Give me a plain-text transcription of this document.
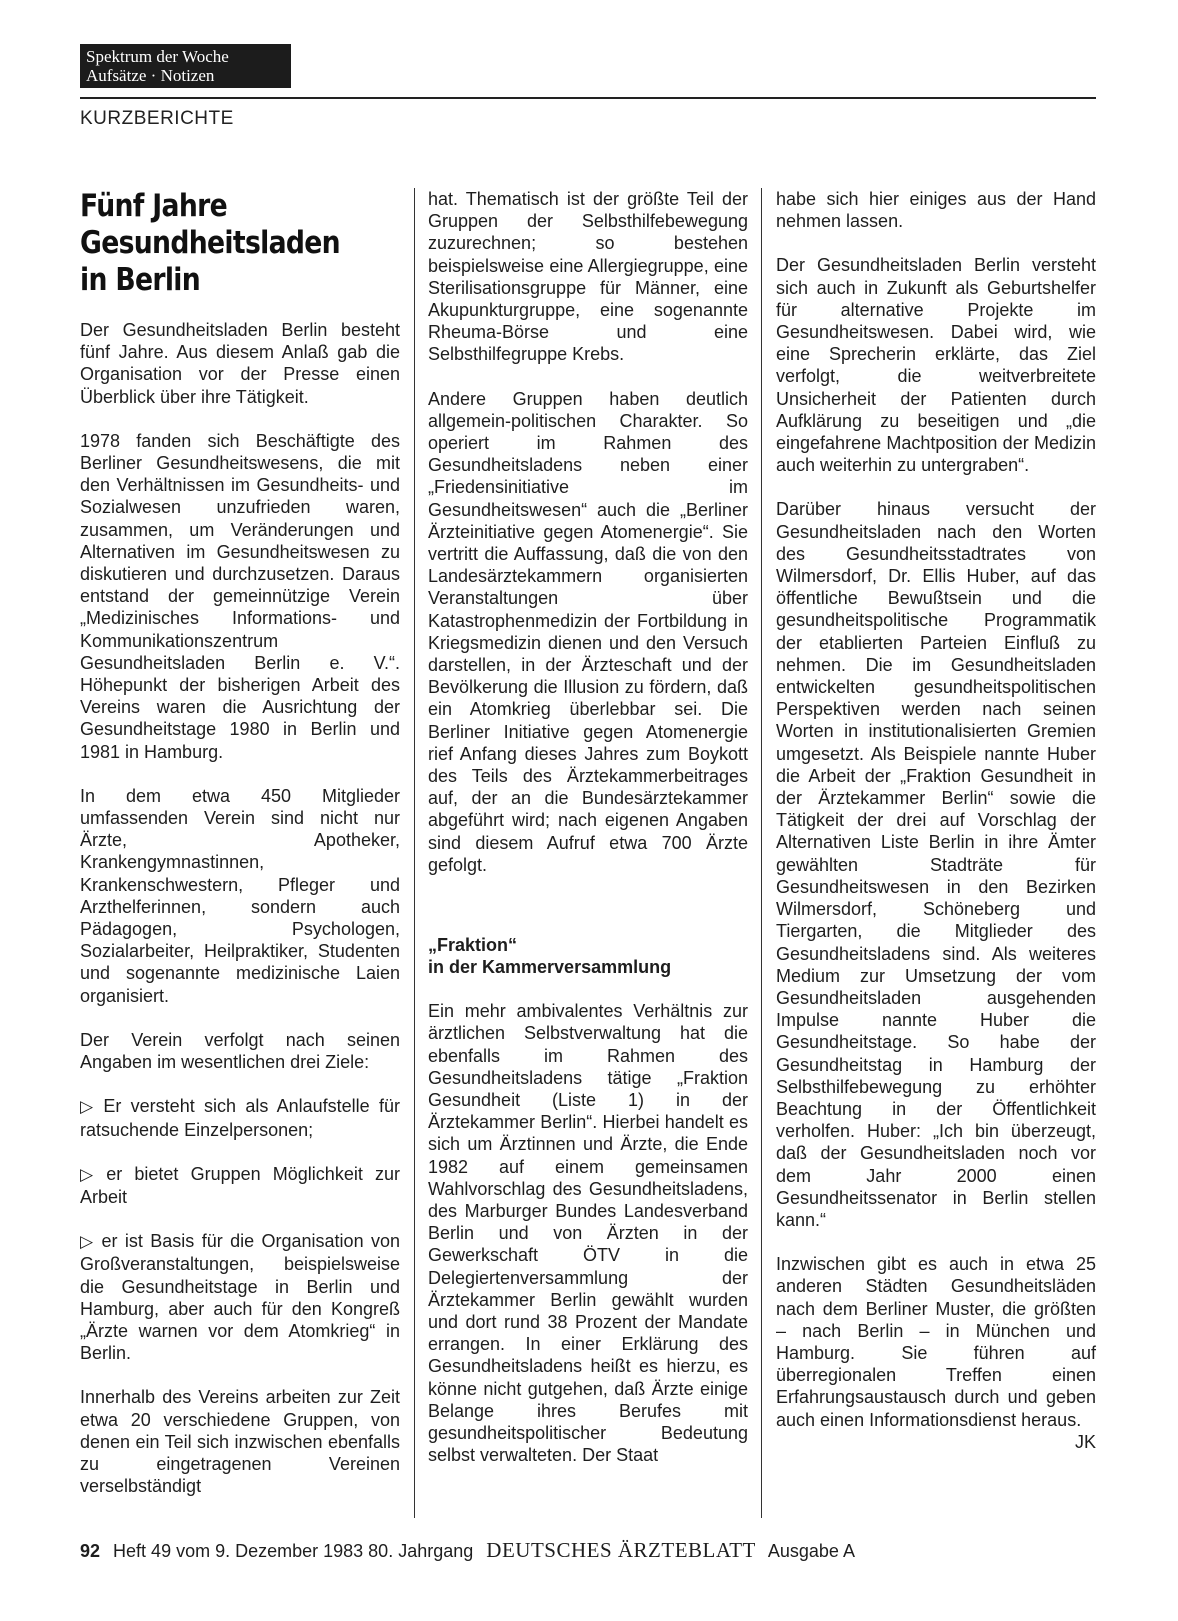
Spektrum der Woche
Aufsätze · Notizen
KURZBERICHTE
Fünf Jahre
Gesundheitsladen
in Berlin

Der Gesundheitsladen Berlin besteht fünf Jahre. Aus diesem Anlaß gab die Organisation vor der Presse einen Überblick über ihre Tätigkeit.

1978 fanden sich Beschäftigte des Berliner Gesundheitswesens, die mit den Verhältnissen im Gesundheits- und Sozialwesen unzufrieden waren, zusammen, um Veränderungen und Alternativen im Gesundheitswesen zu diskutieren und durchzusetzen. Daraus entstand der gemeinnützige Verein „Medizinisches Informations- und Kommunikationszentrum Gesundheitsladen Berlin e. V.“. Höhepunkt der bisherigen Arbeit des Vereins waren die Ausrichtung der Gesundheitstage 1980 in Berlin und 1981 in Hamburg.

In dem etwa 450 Mitglieder umfassenden Verein sind nicht nur Ärzte, Apotheker, Krankengymnastinnen, Krankenschwestern, Pfleger und Arzthelferinnen, sondern auch Pädagogen, Psychologen, Sozialarbeiter, Heilpraktiker, Studenten und sogenannte medizinische Laien organisiert.

Der Verein verfolgt nach seinen Angaben im wesentlichen drei Ziele:

▷ Er versteht sich als Anlaufstelle für ratsuchende Einzelpersonen;

▷ er bietet Gruppen Möglichkeit zur Arbeit

▷ er ist Basis für die Organisation von Großveranstaltungen, beispielsweise die Gesundheitstage in Berlin und Hamburg, aber auch für den Kongreß „Ärzte warnen vor dem Atomkrieg“ in Berlin.

Innerhalb des Vereins arbeiten zur Zeit etwa 20 verschiedene Gruppen, von denen ein Teil sich inzwischen ebenfalls zu eingetragenen Vereinen verselbständigt

hat. Thematisch ist der größte Teil der Gruppen der Selbsthilfebewegung zuzurechnen; so bestehen beispielsweise eine Allergiegruppe, eine Sterilisationsgruppe für Männer, eine Akupunkturgruppe, eine sogenannte Rheuma-Börse und eine Selbsthilfegruppe Krebs.

Andere Gruppen haben deutlich allgemein-politischen Charakter. So operiert im Rahmen des Gesundheitsladens neben einer „Friedensinitiative im Gesundheitswesen“ auch die „Berliner Ärzteinitiative gegen Atomenergie“. Sie vertritt die Auffassung, daß die von den Landesärztekammern organisierten Veranstaltungen über Katastrophenmedizin der Fortbildung in Kriegsmedizin dienen und den Versuch darstellen, in der Ärzteschaft und der Bevölkerung die Illusion zu fördern, daß ein Atomkrieg überlebbar sei. Die Berliner Initiative gegen Atomenergie rief Anfang dieses Jahres zum Boykott des Teils des Ärztekammerbeitrages auf, der an die Bundesärztekammer abgeführt wird; nach eigenen Angaben sind diesem Aufruf etwa 700 Ärzte gefolgt.

„Fraktion“
in der Kammerversammlung

Ein mehr ambivalentes Verhältnis zur ärztlichen Selbstverwaltung hat die ebenfalls im Rahmen des Gesundheitsladens tätige „Fraktion Gesundheit (Liste 1) in der Ärztekammer Berlin“. Hierbei handelt es sich um Ärztinnen und Ärzte, die Ende 1982 auf einem gemeinsamen Wahlvorschlag des Gesundheitsladens, des Marburger Bundes Landesverband Berlin und von Ärzten in der Gewerkschaft ÖTV in die Delegiertenversammlung der Ärztekammer Berlin gewählt wurden und dort rund 38 Prozent der Mandate errangen. In einer Erklärung des Gesundheitsladens heißt es hierzu, es könne nicht gutgehen, daß Ärzte einige Belange ihres Berufes mit gesundheitspolitischer Bedeutung selbst verwalteten. Der Staat

habe sich hier einiges aus der Hand nehmen lassen.

Der Gesundheitsladen Berlin versteht sich auch in Zukunft als Geburtshelfer für alternative Projekte im Gesundheitswesen. Dabei wird, wie eine Sprecherin erklärte, das Ziel verfolgt, die weitverbreitete Unsicherheit der Patienten durch Aufklärung zu beseitigen und „die eingefahrene Machtposition der Medizin auch weiterhin zu untergraben“.

Darüber hinaus versucht der Gesundheitsladen nach den Worten des Gesundheitsstadtrates von Wilmersdorf, Dr. Ellis Huber, auf das öffentliche Bewußtsein und die gesundheitspolitische Programmatik der etablierten Parteien Einfluß zu nehmen. Die im Gesundheitsladen entwickelten gesundheitspolitischen Perspektiven werden nach seinen Worten in institutionalisierten Gremien umgesetzt. Als Beispiele nannte Huber die Arbeit der „Fraktion Gesundheit in der Ärztekammer Berlin“ sowie die Tätigkeit der drei auf Vorschlag der Alternativen Liste Berlin in ihre Ämter gewählten Stadträte für Gesundheitswesen in den Bezirken Wilmersdorf, Schöneberg und Tiergarten, die Mitglieder des Gesundheitsladens sind. Als weiteres Medium zur Umsetzung der vom Gesundheitsladen ausgehenden Impulse nannte Huber die Gesundheitstage. So habe der Gesundheitstag in Hamburg der Selbsthilfebewegung zu erhöhter Beachtung in der Öffentlichkeit verholfen. Huber: „Ich bin überzeugt, daß der Gesundheitsladen noch vor dem Jahr 2000 einen Gesundheitssenator in Berlin stellen kann.“

Inzwischen gibt es auch in etwa 25 anderen Städten Gesundheitsläden nach dem Berliner Muster, die größten – nach Berlin – in München und Hamburg. Sie führen auf überregionalen Treffen einen Erfahrungsaustausch durch und geben auch einen Informationsdienst heraus.
JK

92 Heft 49 vom 9. Dezember 1983 80. Jahrgang DEUTSCHES ÄRZTEBLATT Ausgabe A
